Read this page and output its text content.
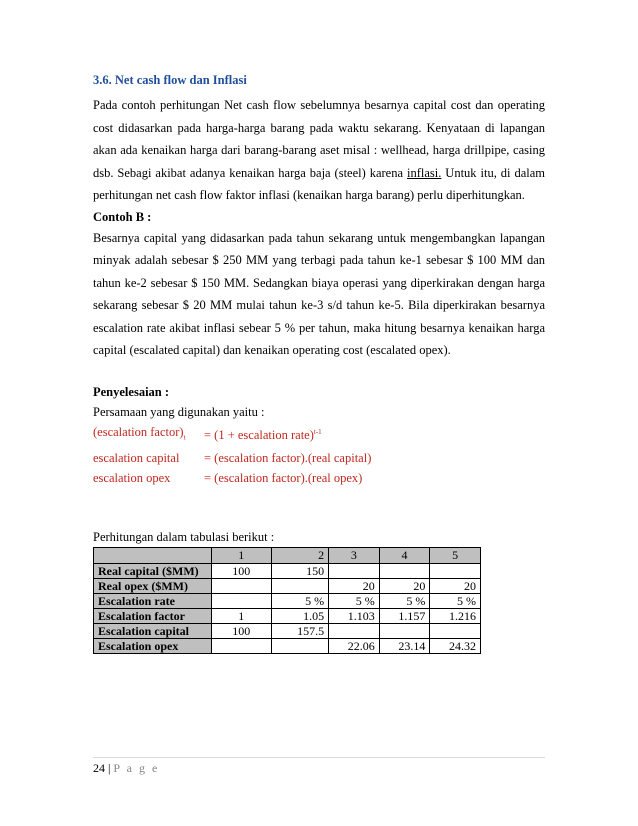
3.6. Net cash flow dan Inflasi
Pada contoh perhitungan Net cash flow sebelumnya besarnya capital cost dan operating cost didasarkan pada harga-harga barang pada waktu sekarang. Kenyataan di lapangan akan ada kenaikan harga dari barang-barang aset misal : wellhead, harga drillpipe, casing dsb. Sebagi akibat adanya kenaikan harga baja (steel) karena inflasi. Untuk itu, di dalam perhitungan net cash flow faktor inflasi (kenaikan harga barang) perlu diperhitungkan.
Contoh B :
Besarnya capital yang didasarkan pada tahun sekarang untuk mengembangkan lapangan minyak adalah sebesar $ 250 MM yang terbagi pada tahun ke-1 sebesar $ 100 MM dan tahun ke-2 sebesar $ 150 MM. Sedangkan biaya operasi yang diperkirakan dengan harga sekarang sebesar $ 20 MM mulai tahun ke-3 s/d tahun ke-5. Bila diperkirakan besarnya escalation rate akibat inflasi sebear 5 % per tahun, maka hitung besarnya kenaikan harga capital (escalated capital) dan kenaikan operating cost (escalated opex).
Penyelesaian :
Persamaan yang digunakan yaitu :
(escalation $factor)_t$	= (1 + escalation rate)$^{t-1}$
escalation capital	= (escalation factor).(real capital)
escalation opex	= (escalation factor).(real opex)
Perhitungan dalam tabulasi berikut :
	1	2	3	4	5
Real capital ($MM)	100	150			
Real opex ($MM)			20	20	20
Escalation rate		5 %	5 %	5 %	5 %
Escalation factor	1	1.05	1.103	1.157	1.216
Escalation capital	100	157.5			
Escalation opex			22.06	23.14	24.32
24 | P a g e
